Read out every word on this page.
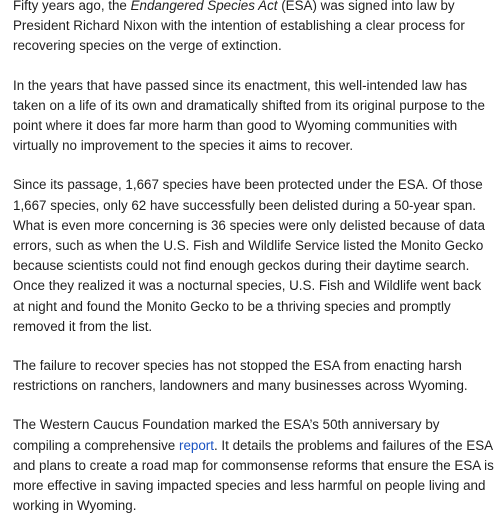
Fifty years ago, the Endangered Species Act (ESA) was signed into law by President Richard Nixon with the intention of establishing a clear process for recovering species on the verge of extinction.

In the years that have passed since its enactment, this well-intended law has taken on a life of its own and dramatically shifted from its original purpose to the point where it does far more harm than good to Wyoming communities with virtually no improvement to the species it aims to recover.

Since its passage, 1,667 species have been protected under the ESA. Of those 1,667 species, only 62 have successfully been delisted during a 50-year span. What is even more concerning is 36 species were only delisted because of data errors, such as when the U.S. Fish and Wildlife Service listed the Monito Gecko because scientists could not find enough geckos during their daytime search. Once they realized it was a nocturnal species, U.S. Fish and Wildlife went back at night and found the Monito Gecko to be a thriving species and promptly removed it from the list.

The failure to recover species has not stopped the ESA from enacting harsh restrictions on ranchers, landowners and many businesses across Wyoming.

The Western Caucus Foundation marked the ESA’s 50th anniversary by compiling a comprehensive report. It details the problems and failures of the ESA and plans to create a road map for commonsense reforms that ensure the ESA is more effective in saving impacted species and less harmful on people living and working in Wyoming.
